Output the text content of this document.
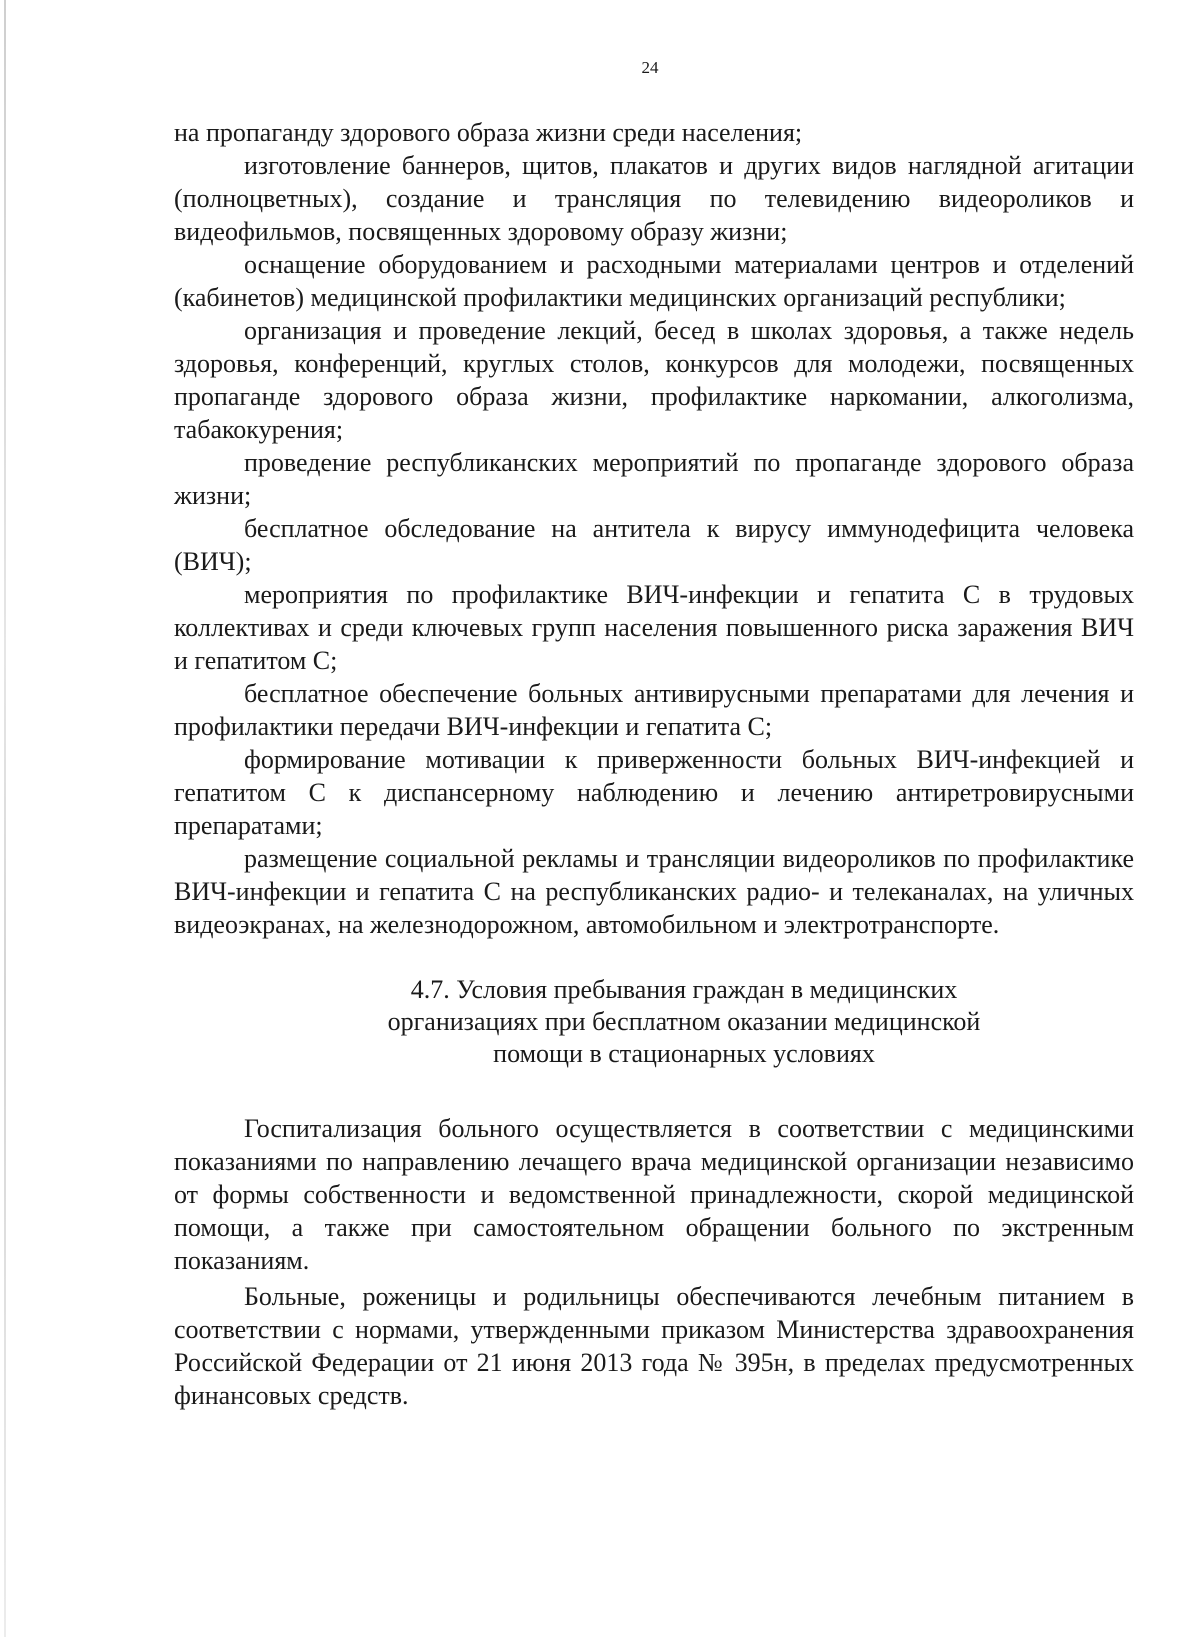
24

на пропаганду здорового образа жизни среди населения;

изготовление баннеров, щитов, плакатов и других видов наглядной агитации (полноцветных), создание и трансляция по телевидению видеороликов и видеофильмов, посвященных здоровому образу жизни;

оснащение оборудованием и расходными материалами центров и отделений (кабинетов) медицинской профилактики медицинских организаций республики;

организация и проведение лекций, бесед в школах здоровья, а также недель здоровья, конференций, круглых столов, конкурсов для молодежи, посвященных пропаганде здорового образа жизни, профилактике наркомании, алкоголизма, табакокурения;

проведение республиканских мероприятий по пропаганде здорового образа жизни;

бесплатное обследование на антитела к вирусу иммунодефицита человека (ВИЧ);

мероприятия по профилактике ВИЧ-инфекции и гепатита С в трудовых коллективах и среди ключевых групп населения повышенного риска заражения ВИЧ и гепатитом С;

бесплатное обеспечение больных антивирусными препаратами для лечения и профилактики передачи ВИЧ-инфекции и гепатита С;

формирование мотивации к приверженности больных ВИЧ-инфекцией и гепатитом С к диспансерному наблюдению и лечению антиретровирусными препаратами;

размещение социальной рекламы и трансляции видеороликов по профилактике ВИЧ-инфекции и гепатита С на республиканских радио- и телеканалах, на уличных видеоэкранах, на железнодорожном, автомобильном и электротранспорте.

4.7. Условия пребывания граждан в медицинских
организациях при бесплатном оказании медицинской
помощи в стационарных условиях

Госпитализация больного осуществляется в соответствии с медицинскими показаниями по направлению лечащего врача медицинской организации независимо от формы собственности и ведомственной принадлежности, скорой медицинской помощи, а также при самостоятельном обращении больного по экстренным показаниям.

Больные, роженицы и родильницы обеспечиваются лечебным питанием в соответствии с нормами, утвержденными приказом Министерства здравоохранения Российской Федерации от 21 июня 2013 года № 395н, в пределах предусмотренных финансовых средств.
